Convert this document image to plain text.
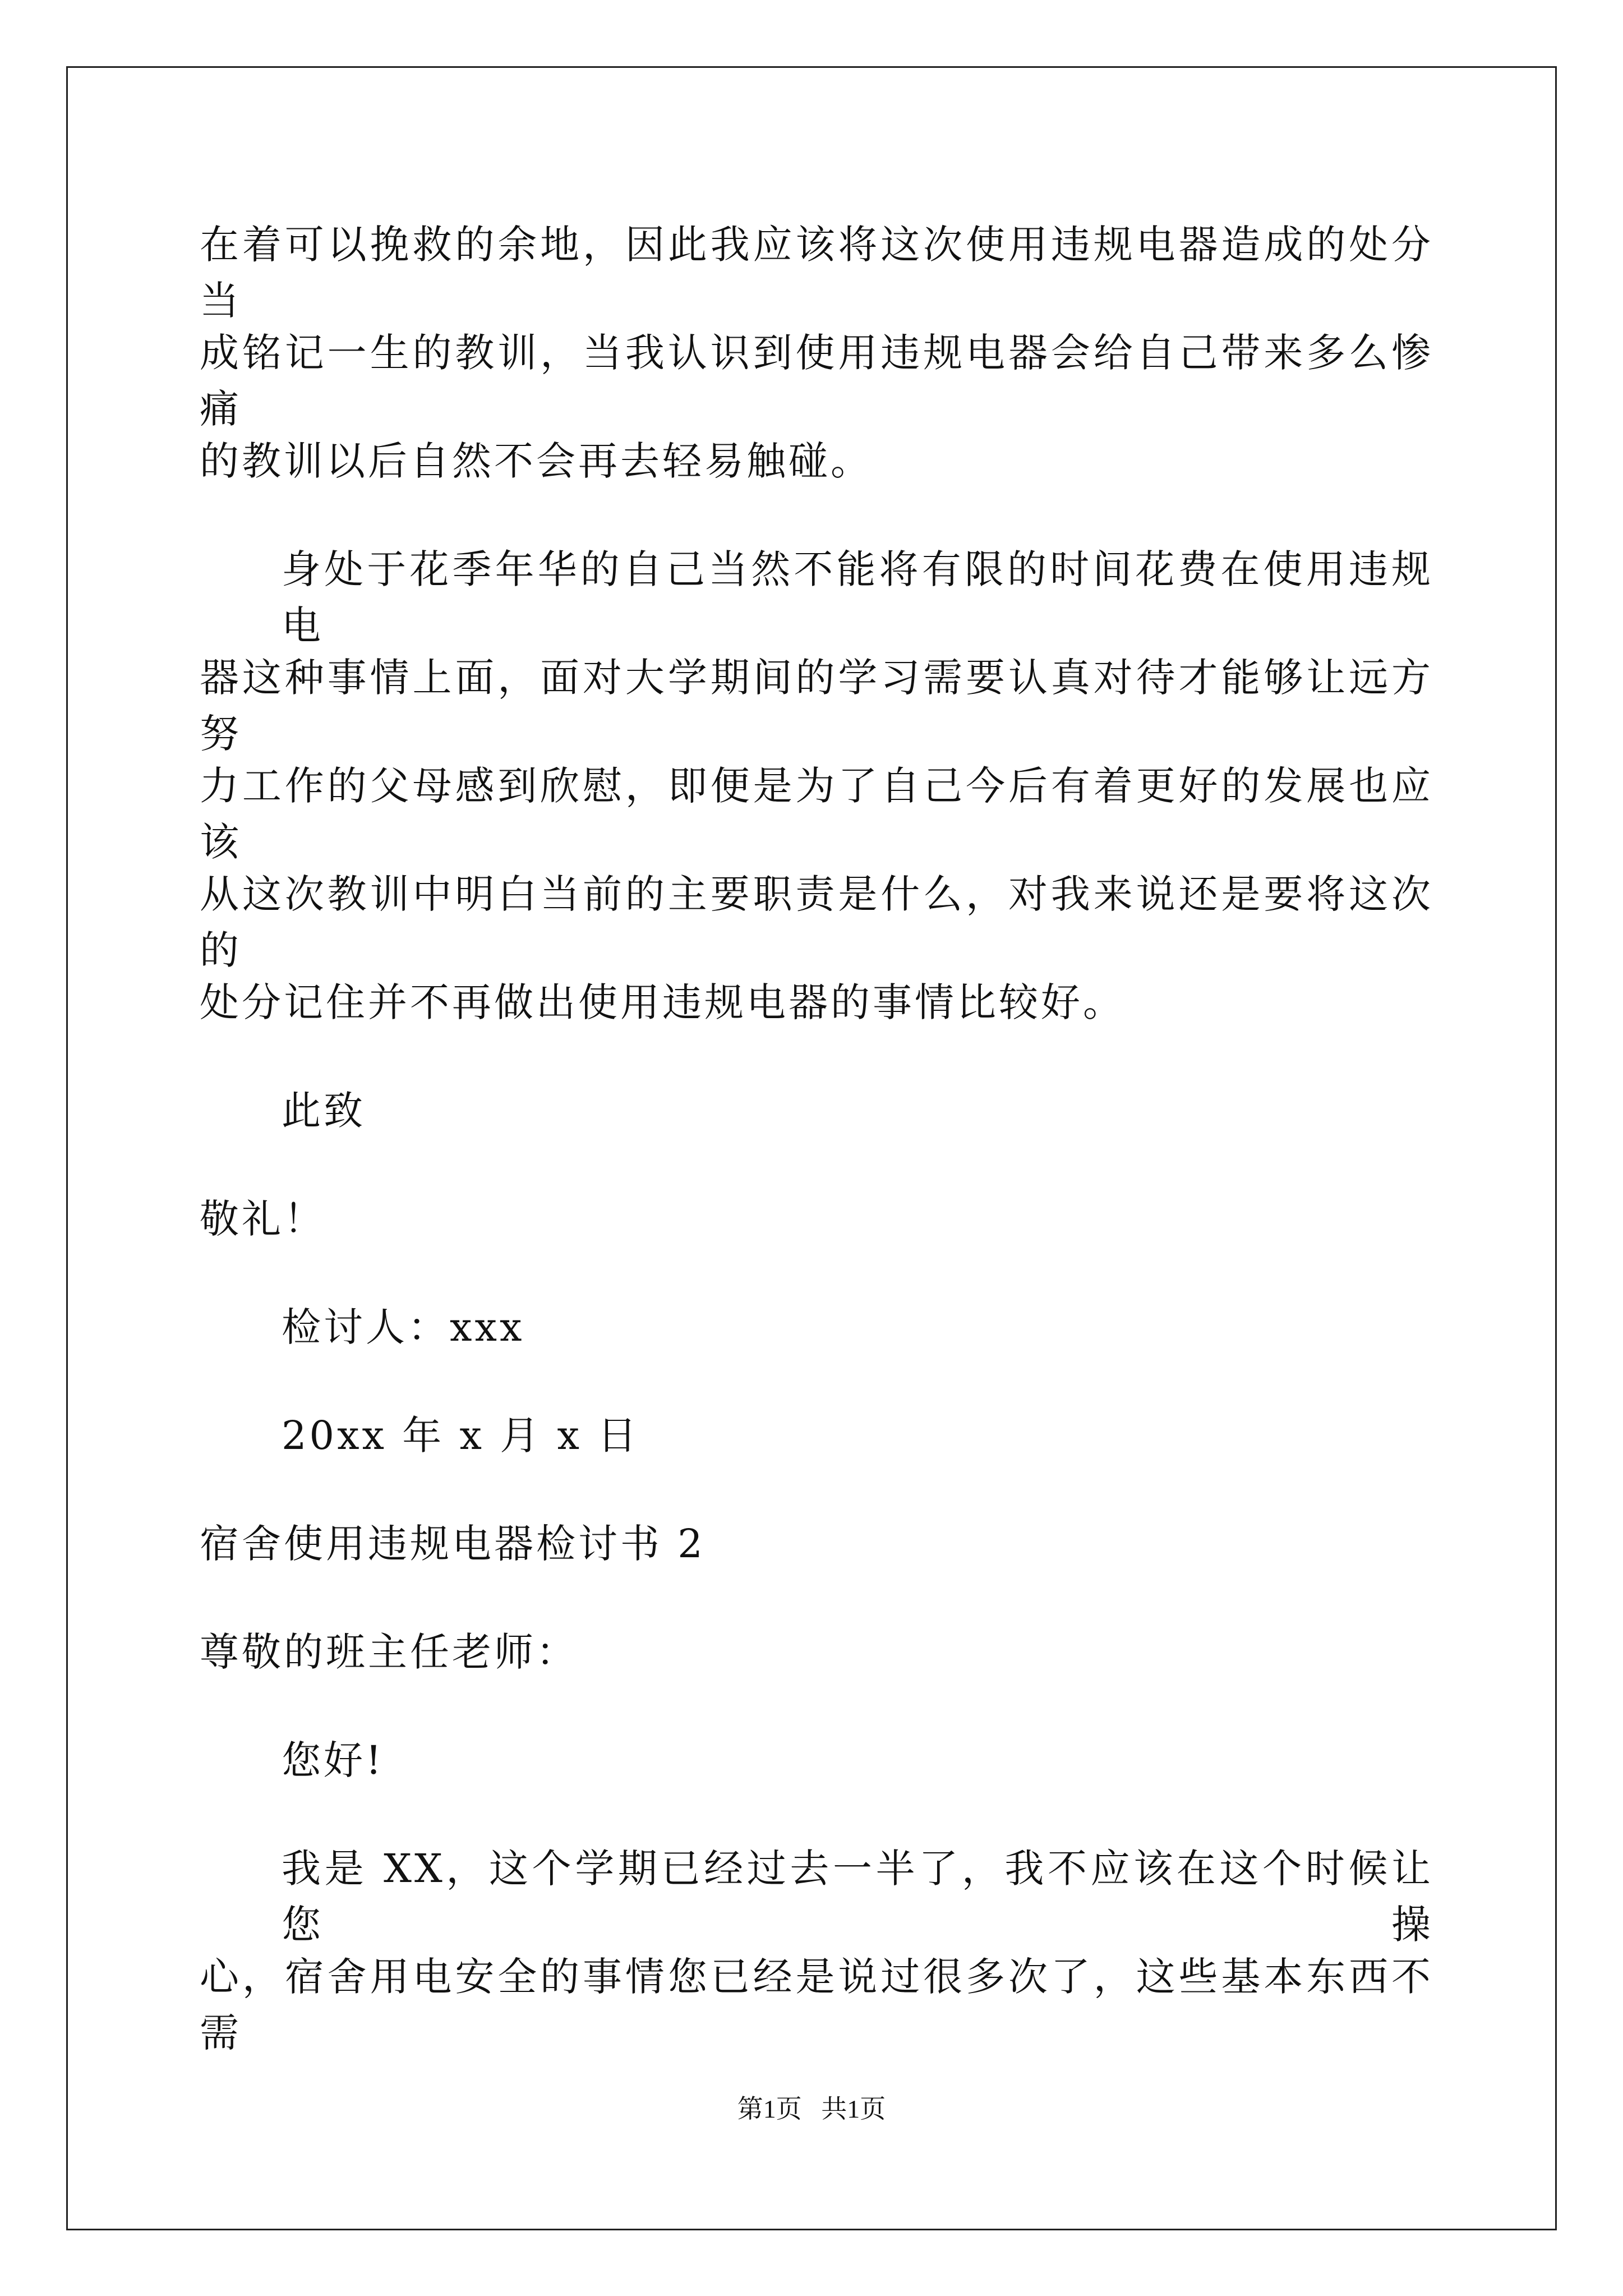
在着可以挽救的余地，因此我应该将这次使用违规电器造成的处分当
成铭记一生的教训，当我认识到使用违规电器会给自己带来多么惨痛
的教训以后自然不会再去轻易触碰。
身处于花季年华的自己当然不能将有限的时间花费在使用违规电
器这种事情上面，面对大学期间的学习需要认真对待才能够让远方努
力工作的父母感到欣慰，即便是为了自己今后有着更好的发展也应该
从这次教训中明白当前的主要职责是什么，对我来说还是要将这次的
处分记住并不再做出使用违规电器的事情比较好。
此致
敬礼！
检讨人：xxx
20xx 年 x 月 x 日
宿舍使用违规电器检讨书 2
尊敬的班主任老师：
您好!
我是 XX，这个学期已经过去一半了，我不应该在这个时候让您操
心，宿舍用电安全的事情您已经是说过很多次了，这些基本东西不需
第1页   共1页
